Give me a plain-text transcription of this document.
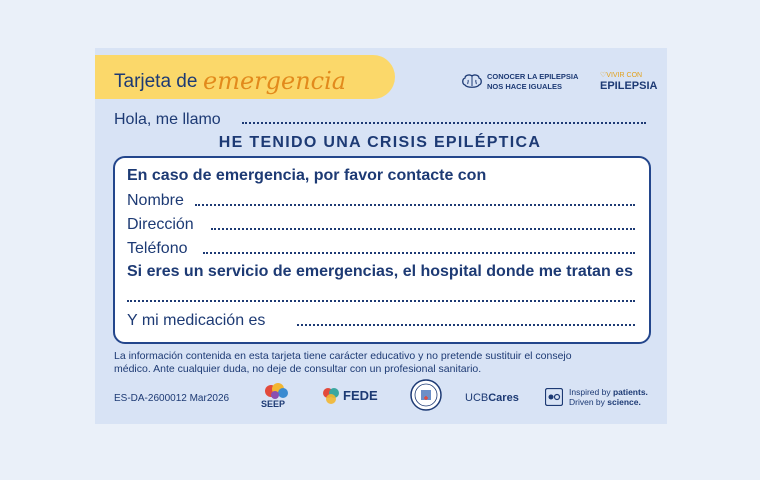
Tarjeta de emergencia	CONOCER LA EPILEPSIA
NOS HACE IGUALES
♡VIVIR CON
EPILEPSIA
Hola, me llamo
HE TENIDO UNA CRISIS EPILÉPTICA
En caso de emergencia, por favor contacte con
Nombre
Dirección
Teléfono
Si eres un servicio de emergencias, el hospital donde me tratan es
Y mi medicación es
La información contenida en esta tarjeta tiene carácter educativo y no pretende sustituir el consejo
médico. Ante cualquier duda, no deje de consultar con un profesional sanitario.
ES-DA-2600012 Mar2026	SEEP
FEDE	UCBCares	Inspired by patients.
Driven by science.
